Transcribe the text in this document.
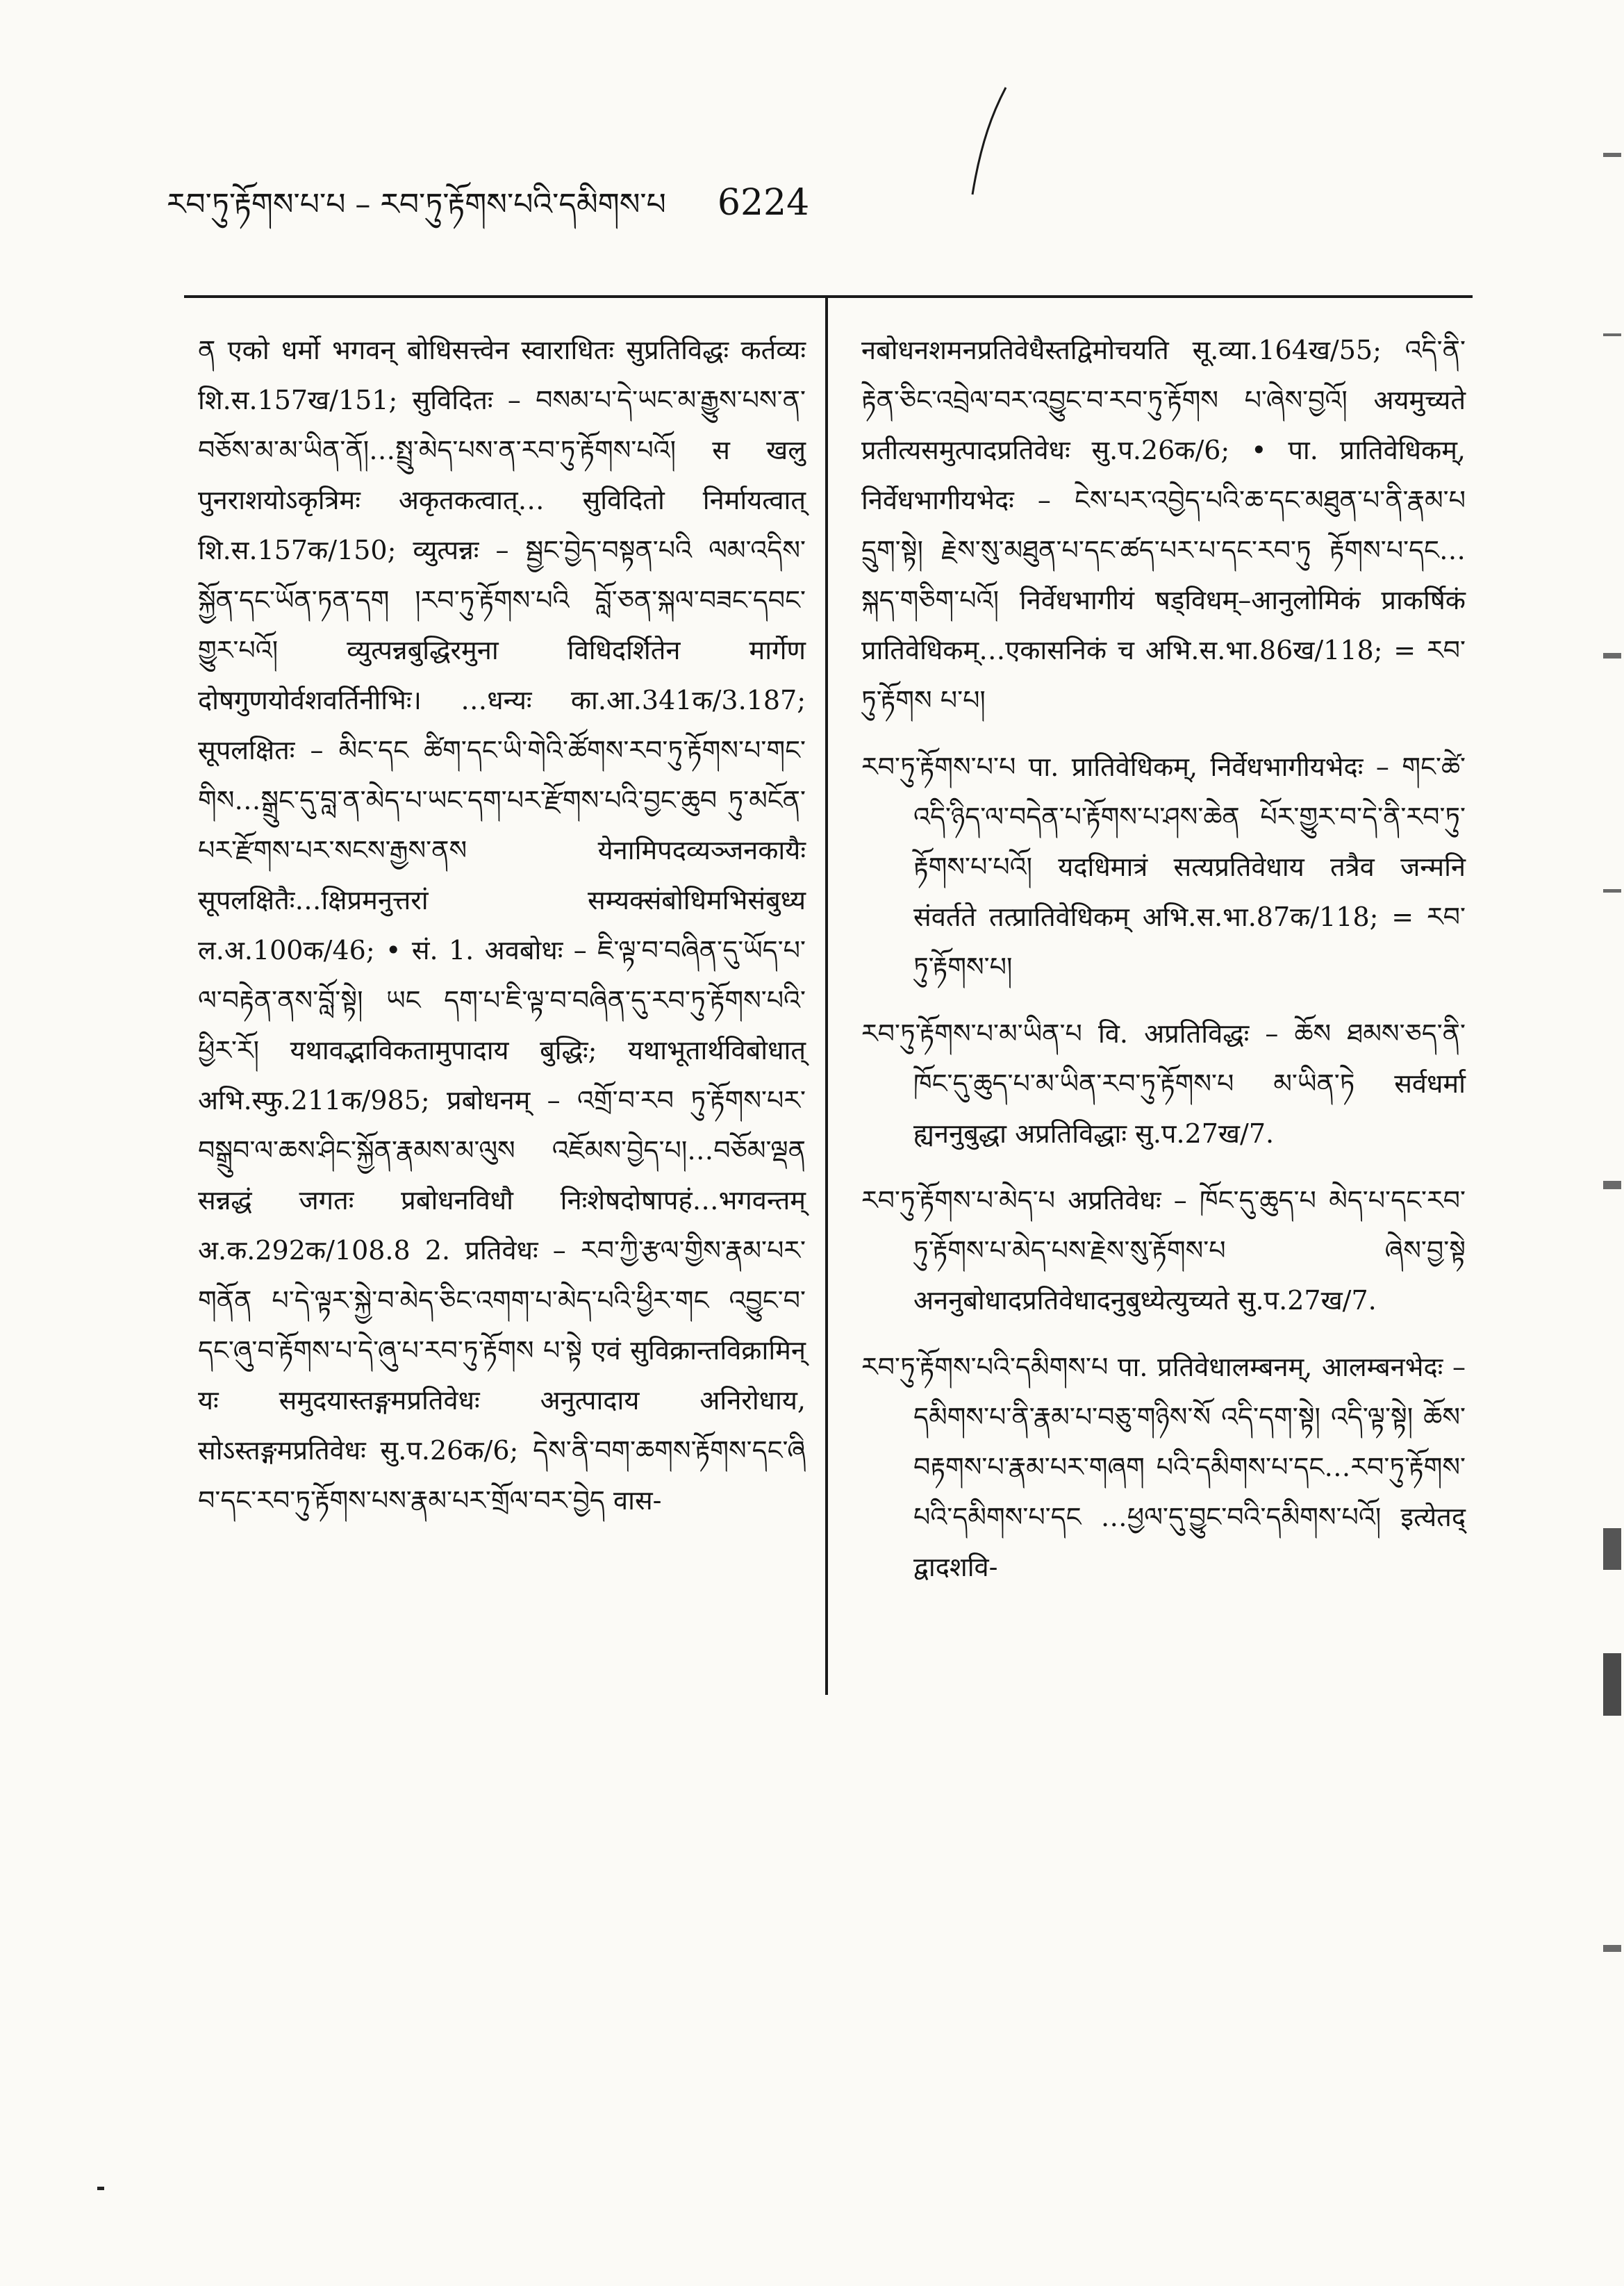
རབ་ཏུ་རྟོགས་པ་པ – རབ་ཏུ་རྟོགས་པའི་དམིགས་པ 6224

ན एको धर्मो भगवन् बोधिसत्त्वेन स्वाराधितः सुप्रतिविद्धः कर्तव्यः शि.स.157ख/151; सुविदितः – བསམ་པ་དེ་ཡང་མ་རྒྱུས་པས་ན་བཅོས་མ་མ་ཡིན་ནོ།…སྤྲུ་མེད་པས་ན་རབ་ཏུ་རྟོགས་པའོ། स खलु पुनराशयोऽकृत्रिमः अकृतकत्वात्… सुविदितो निर्मायत्वात् शि.स.157क/150; व्युत्पन्नः – སྦྱང་བྱེད་བསྟན་པའི ལམ་འདིས་སྐྱོན་དང་ཡོན་ཏན་དག །རབ་ཏུ་རྟོགས་པའི བློ་ཅན་སྐལ་བཟང་དབང་གྱུར་པའོ། व्युत्पन्नबुद्धिरमुना विधिदर्शितेन मार्गेण दोषगुणयोर्वशवर्तिनीभिः। …धन्यः का.आ.341क/3.187; सूपलक्षितः – མིང་དང ཚིག་དང་ཡི་གེའི་ཚོགས་རབ་ཏུ་རྟོགས་པ་གང་གིས…སྒྲུང་དུ་བླ་ན་མེད་པ་ཡང་དག་པར་རྫོགས་པའི་བྱང་ཆུབ ཏུ་མངོན་པར་རྫོགས་པར་སངས་རྒྱས་ནས येनामिपदव्यञ्जनकायैः सूपलक्षितैः…क्षिप्रमनुत्तरां सम्यक्संबोधिमभिसंबुध्य ल.अ.100क/46; • सं. 1. अवबोधः – ཇི་ལྟ་བ་བཞིན་དུ་ཡོད་པ་ལ་བརྟེན་ནས་བློ་སྟེ། ཡང དག་པ་ཇི་ལྟ་བ་བཞིན་དུ་རབ་ཏུ་རྟོགས་པའི་ཕྱིར་རོ། यथावद्भाविकतामुपादाय बुद्धिः; यथाभूतार्थविबोधात् अभि.स्फु.211क/985; प्रबोधनम् – འགྲོ་བ་རབ ཏུ་རྟོགས་པར་བསྒྲུབ་ལ་ཆས་ཤིང་སྐྱོན་རྣམས་མ་ལུས འཇོམས་བྱེད་པ།…བཅོམ་ལྡན सन्नद्धं जगतः प्रबोधनविधौ निःशेषदोषापहं…भगवन्तम् अ.क.292क/108.8 2. प्रतिवेधः – རབ་ཀྱི་རྩལ་གྱིས་རྣམ་པར་གནོན པ་དེ་ལྟར་སྐྱེ་བ་མེད་ཅིང་འགག་པ་མེད་པའི་ཕྱིར་གང འབྱུང་བ་དང་ཞུ་བ་རྟོགས་པ་དེ་ཞུ་པ་རབ་ཏུ་རྟོགས པ་སྟེ एवं सुविक्रान्तविक्रामिन् यः समुदयास्तङ्गमप्रतिवेधः अनुत्पादाय अनिरोधाय, सोऽस्तङ्गमप्रतिवेधः सु.प.26क/6; དེས་ནི་བག་ཆགས་རྟོགས་དང་ཞི བ་དང་རབ་ཏུ་རྟོགས་པས་རྣམ་པར་གྲོལ་བར་བྱེད वास-

नबोधनशमनप्रतिवेधैस्तद्विमोचयति सू.व्या.164ख/55; འདི་ནི་རྟེན་ཅིང་འབྲེལ་བར་འབྱུང་བ་རབ་ཏུ་རྟོགས པ་ཞེས་བྱའོ། अयमुच्यते प्रतीत्यसमुत्पादप्रतिवेधः सु.प.26क/6; • पा. प्रातिवेधिकम्, निर्वेधभागीयभेदः – ངེས་པར་འབྱེད་པའི་ཆ་དང་མཐུན་པ་ནི་རྣམ་པ དྲུག་སྟེ། རྗེས་སུ་མཐུན་པ་དང་ཚད་པར་པ་དང་རབ་ཏུ རྟོགས་པ་དང…སྐད་གཅིག་པའོ། निर्वेधभागीयं षड्विधम्–आनुलोमिकं प्राकर्षिकं प्रातिवेधिकम्…एकासनिकं च अभि.स.भा.86ख/118; = རབ་ཏུ་རྟོགས པ་པ།

རབ་ཏུ་རྟོགས་པ་པ पा. प्रातिवेधिकम्, निर्वेधभागीयभेदः – གང་ཚེ་འདི་ཉིད་ལ་བདེན་པ་རྟོགས་པ་ཤས་ཆེན པོར་གྱུར་བ་དེ་ནི་རབ་ཏུ་རྟོགས་པ་པའོ། यदधिमात्रं सत्यप्रतिवेधाय तत्रैव जन्मनि संवर्तते तत्प्रातिवेधिकम् अभि.स.भा.87क/118; = རབ་ཏུ་རྟོགས་པ།

རབ་ཏུ་རྟོགས་པ་མ་ཡིན་པ वि. अप्रतिविद्धः – ཆོས ཐམས་ཅད་ནི་ཁོང་དུ་ཆུད་པ་མ་ཡིན་རབ་ཏུ་རྟོགས་པ མ་ཡིན་ཏེ सर्वधर्मा ह्यननुबुद्धा अप्रतिविद्धाः सु.प.27ख/7.

རབ་ཏུ་རྟོགས་པ་མེད་པ अप्रतिवेधः – ཁོང་དུ་ཆུད་པ མེད་པ་དང་རབ་ཏུ་རྟོགས་པ་མེད་པས་རྗེས་སུ་རྟོགས་པ ཞེས་བྱ་སྟེ अननुबोधादप्रतिवेधादनुबुध्येत्युच्यते सु.प.27ख/7.

རབ་ཏུ་རྟོགས་པའི་དམིགས་པ पा. प्रतिवेधालम्बनम्, आलम्बनभेदः – དམིགས་པ་ནི་རྣམ་པ་བཅུ་གཉིས་སོ འདི་དག་སྟེ། འདི་ལྟ་སྟེ། ཆོས་བརྟགས་པ་རྣམ་པར་གཞག པའི་དམིགས་པ་དང…རབ་ཏུ་རྟོགས་པའི་དམིགས་པ་དང …ཕྱལ་དུ་བྱུང་བའི་དམིགས་པའོ། इत्येतद् द्वादशवि-
